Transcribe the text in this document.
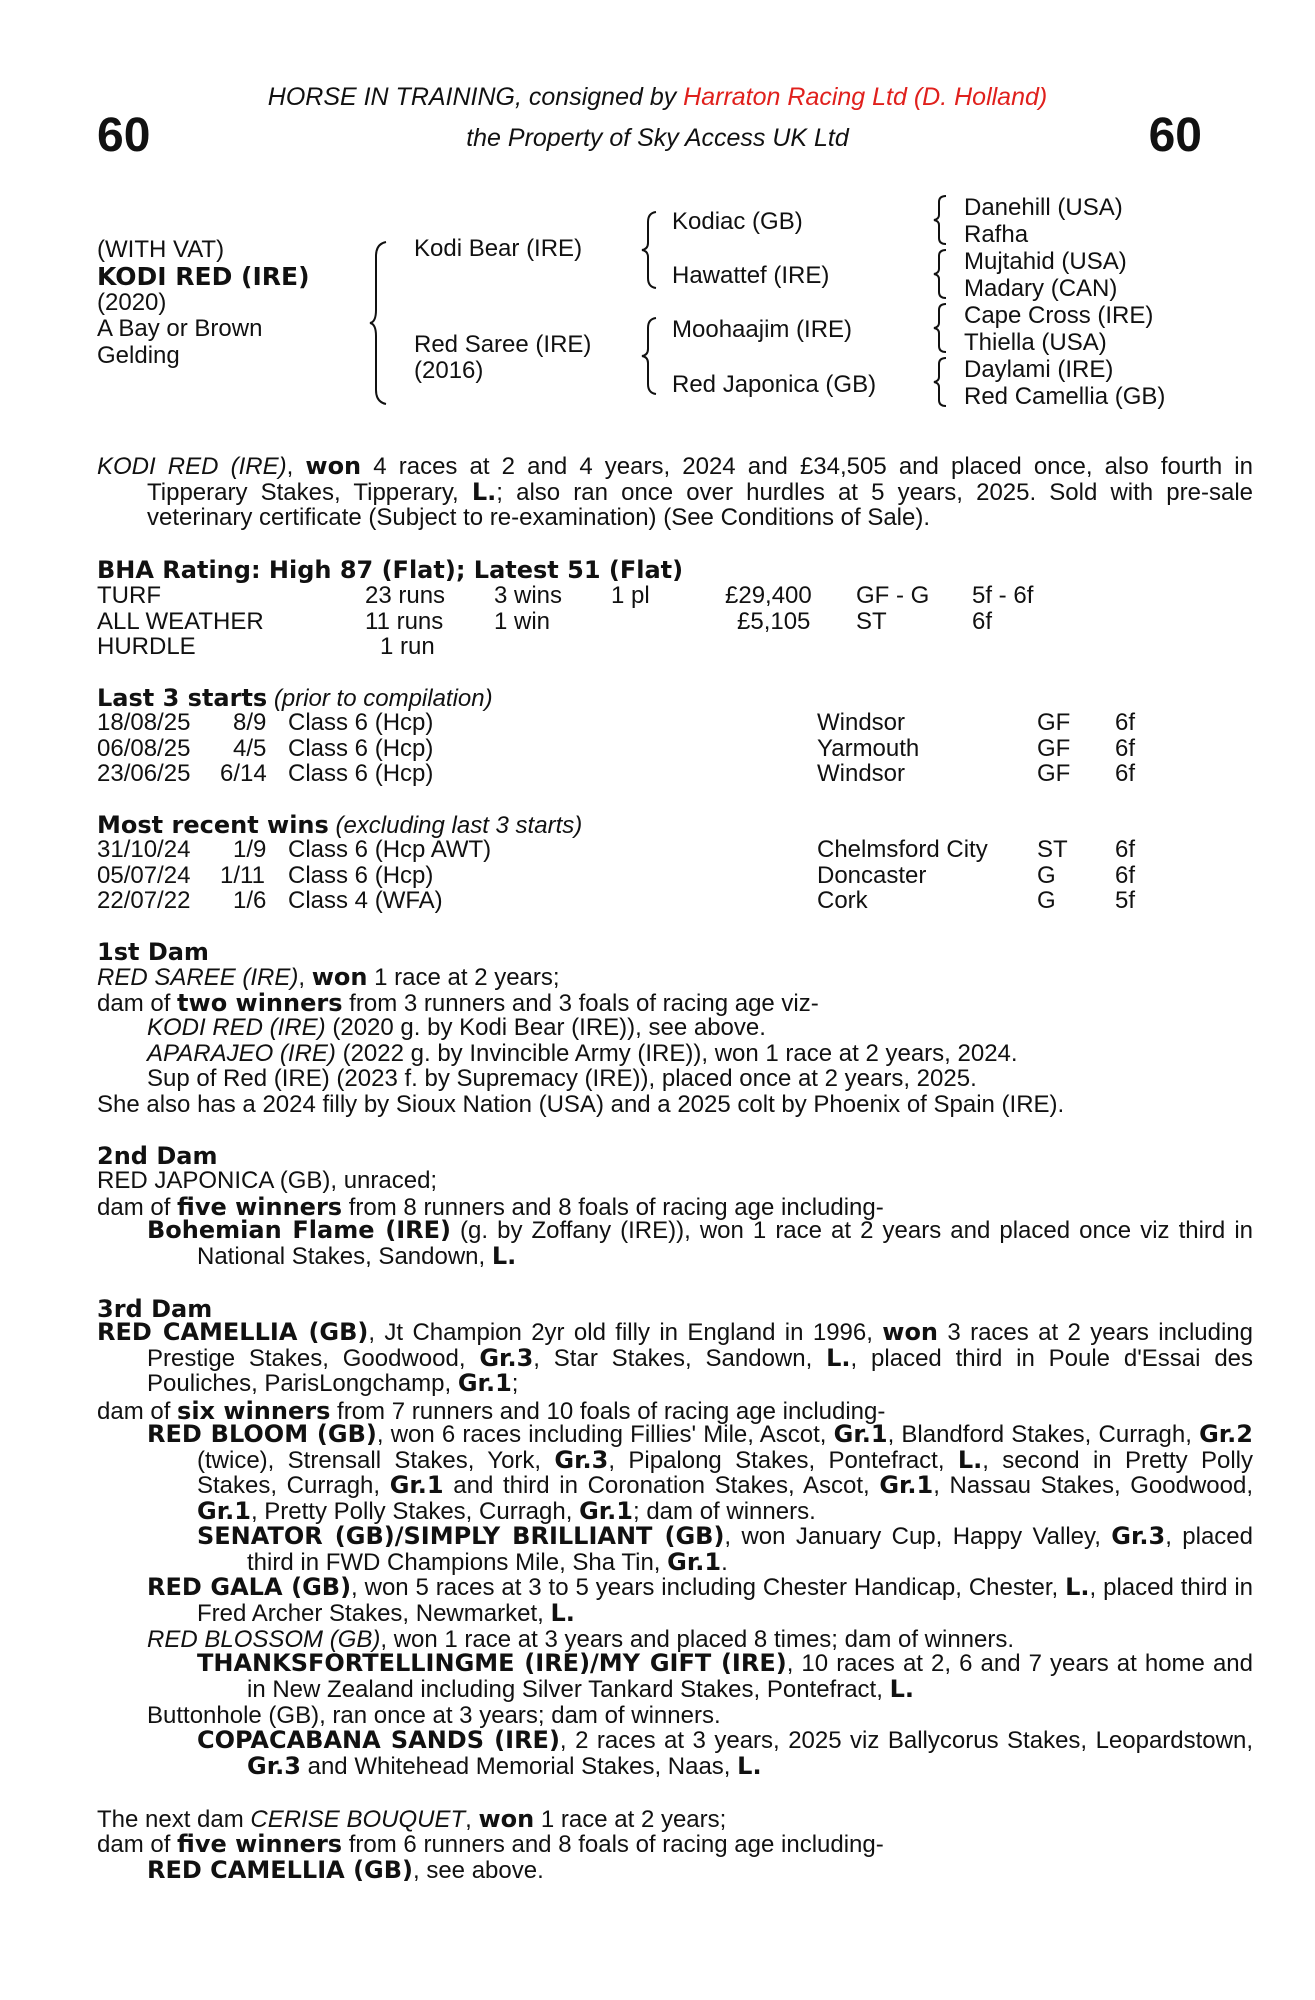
60	60
HORSE IN TRAINING, consigned by Harraton Racing Ltd (D. Holland)
the Property of Sky Access UK Ltd
(WITH VAT)
KODI RED (IRE)
(2020)
A Bay or Brown
Gelding
Kodi Bear (IRE)
Red Saree (IRE)
(2016)
Kodiac (GB)
Hawattef (IRE)
Moohaajim (IRE)
Red Japonica (GB)
Danehill (USA)
Rafha
Mujtahid (USA)
Madary (CAN)
Cape Cross (IRE)
Thiella (USA)
Daylami (IRE)
Red Camellia (GB)
KODI RED (IRE), won 4 races at 2 and 4 years, 2024 and £34,505 and placed once, also fourth in Tipperary Stakes, Tipperary, L.; also ran once over hurdles at 5 years, 2025. Sold with pre-sale veterinary certificate (Subject to re-examination) (See Conditions of Sale).
BHA Rating: High 87 (Flat); Latest 51 (Flat)
TURF	23 runs 3 wins 1 pl	£29,400 GF - G 5f - 6f
ALL WEATHER	11 runs 1 win	£5,105 ST	6f
HURDLE	1 run
Last 3 starts (prior to compilation)
18/08/25 8/9 Class 6 (Hcp)	Windsor	GF 6f
06/08/25 4/5 Class 6 (Hcp)	Yarmouth	GF 6f
23/06/25 6/14 Class 6 (Hcp)	Windsor	GF 6f
Most recent wins (excluding last 3 starts)
31/10/24 1/9 Class 6 (Hcp AWT)	Chelmsford City ST 6f
05/07/24 1/11 Class 6 (Hcp)	Doncaster	G 6f
22/07/22 1/6 Class 4 (WFA)	Cork	G 5f
1st Dam
RED SAREE (IRE), won 1 race at 2 years;
dam of two winners from 3 runners and 3 foals of racing age viz-
KODI RED (IRE) (2020 g. by Kodi Bear (IRE)), see above.
APARAJEO (IRE) (2022 g. by Invincible Army (IRE)), won 1 race at 2 years, 2024.
Sup of Red (IRE) (2023 f. by Supremacy (IRE)), placed once at 2 years, 2025.
She also has a 2024 filly by Sioux Nation (USA) and a 2025 colt by Phoenix of Spain (IRE).
2nd Dam
RED JAPONICA (GB), unraced;
dam of five winners from 8 runners and 8 foals of racing age including-
Bohemian Flame (IRE) (g. by Zoffany (IRE)), won 1 race at 2 years and placed once viz third in National Stakes, Sandown, L.
3rd Dam
RED CAMELLIA (GB), Jt Champion 2yr old filly in England in 1996, won 3 races at 2 years including Prestige Stakes, Goodwood, Gr.3, Star Stakes, Sandown, L., placed third in Poule d'Essai des Pouliches, ParisLongchamp, Gr.1;
dam of six winners from 7 runners and 10 foals of racing age including-
RED BLOOM (GB), won 6 races including Fillies' Mile, Ascot, Gr.1, Blandford Stakes, Curragh, Gr.2 (twice), Strensall Stakes, York, Gr.3, Pipalong Stakes, Pontefract, L., second in Pretty Polly Stakes, Curragh, Gr.1 and third in Coronation Stakes, Ascot, Gr.1, Nassau Stakes, Goodwood, Gr.1, Pretty Polly Stakes, Curragh, Gr.1; dam of winners.
SENATOR (GB)/SIMPLY BRILLIANT (GB), won January Cup, Happy Valley, Gr.3, placed third in FWD Champions Mile, Sha Tin, Gr.1.
RED GALA (GB), won 5 races at 3 to 5 years including Chester Handicap, Chester, L., placed third in Fred Archer Stakes, Newmarket, L.
RED BLOSSOM (GB), won 1 race at 3 years and placed 8 times; dam of winners.
THANKSFORTELLINGME (IRE)/MY GIFT (IRE), 10 races at 2, 6 and 7 years at home and in New Zealand including Silver Tankard Stakes, Pontefract, L.
Buttonhole (GB), ran once at 3 years; dam of winners.
COPACABANA SANDS (IRE), 2 races at 3 years, 2025 viz Ballycorus Stakes, Leopardstown, Gr.3 and Whitehead Memorial Stakes, Naas, L.
The next dam CERISE BOUQUET, won 1 race at 2 years;
dam of five winners from 6 runners and 8 foals of racing age including-
RED CAMELLIA (GB), see above.
